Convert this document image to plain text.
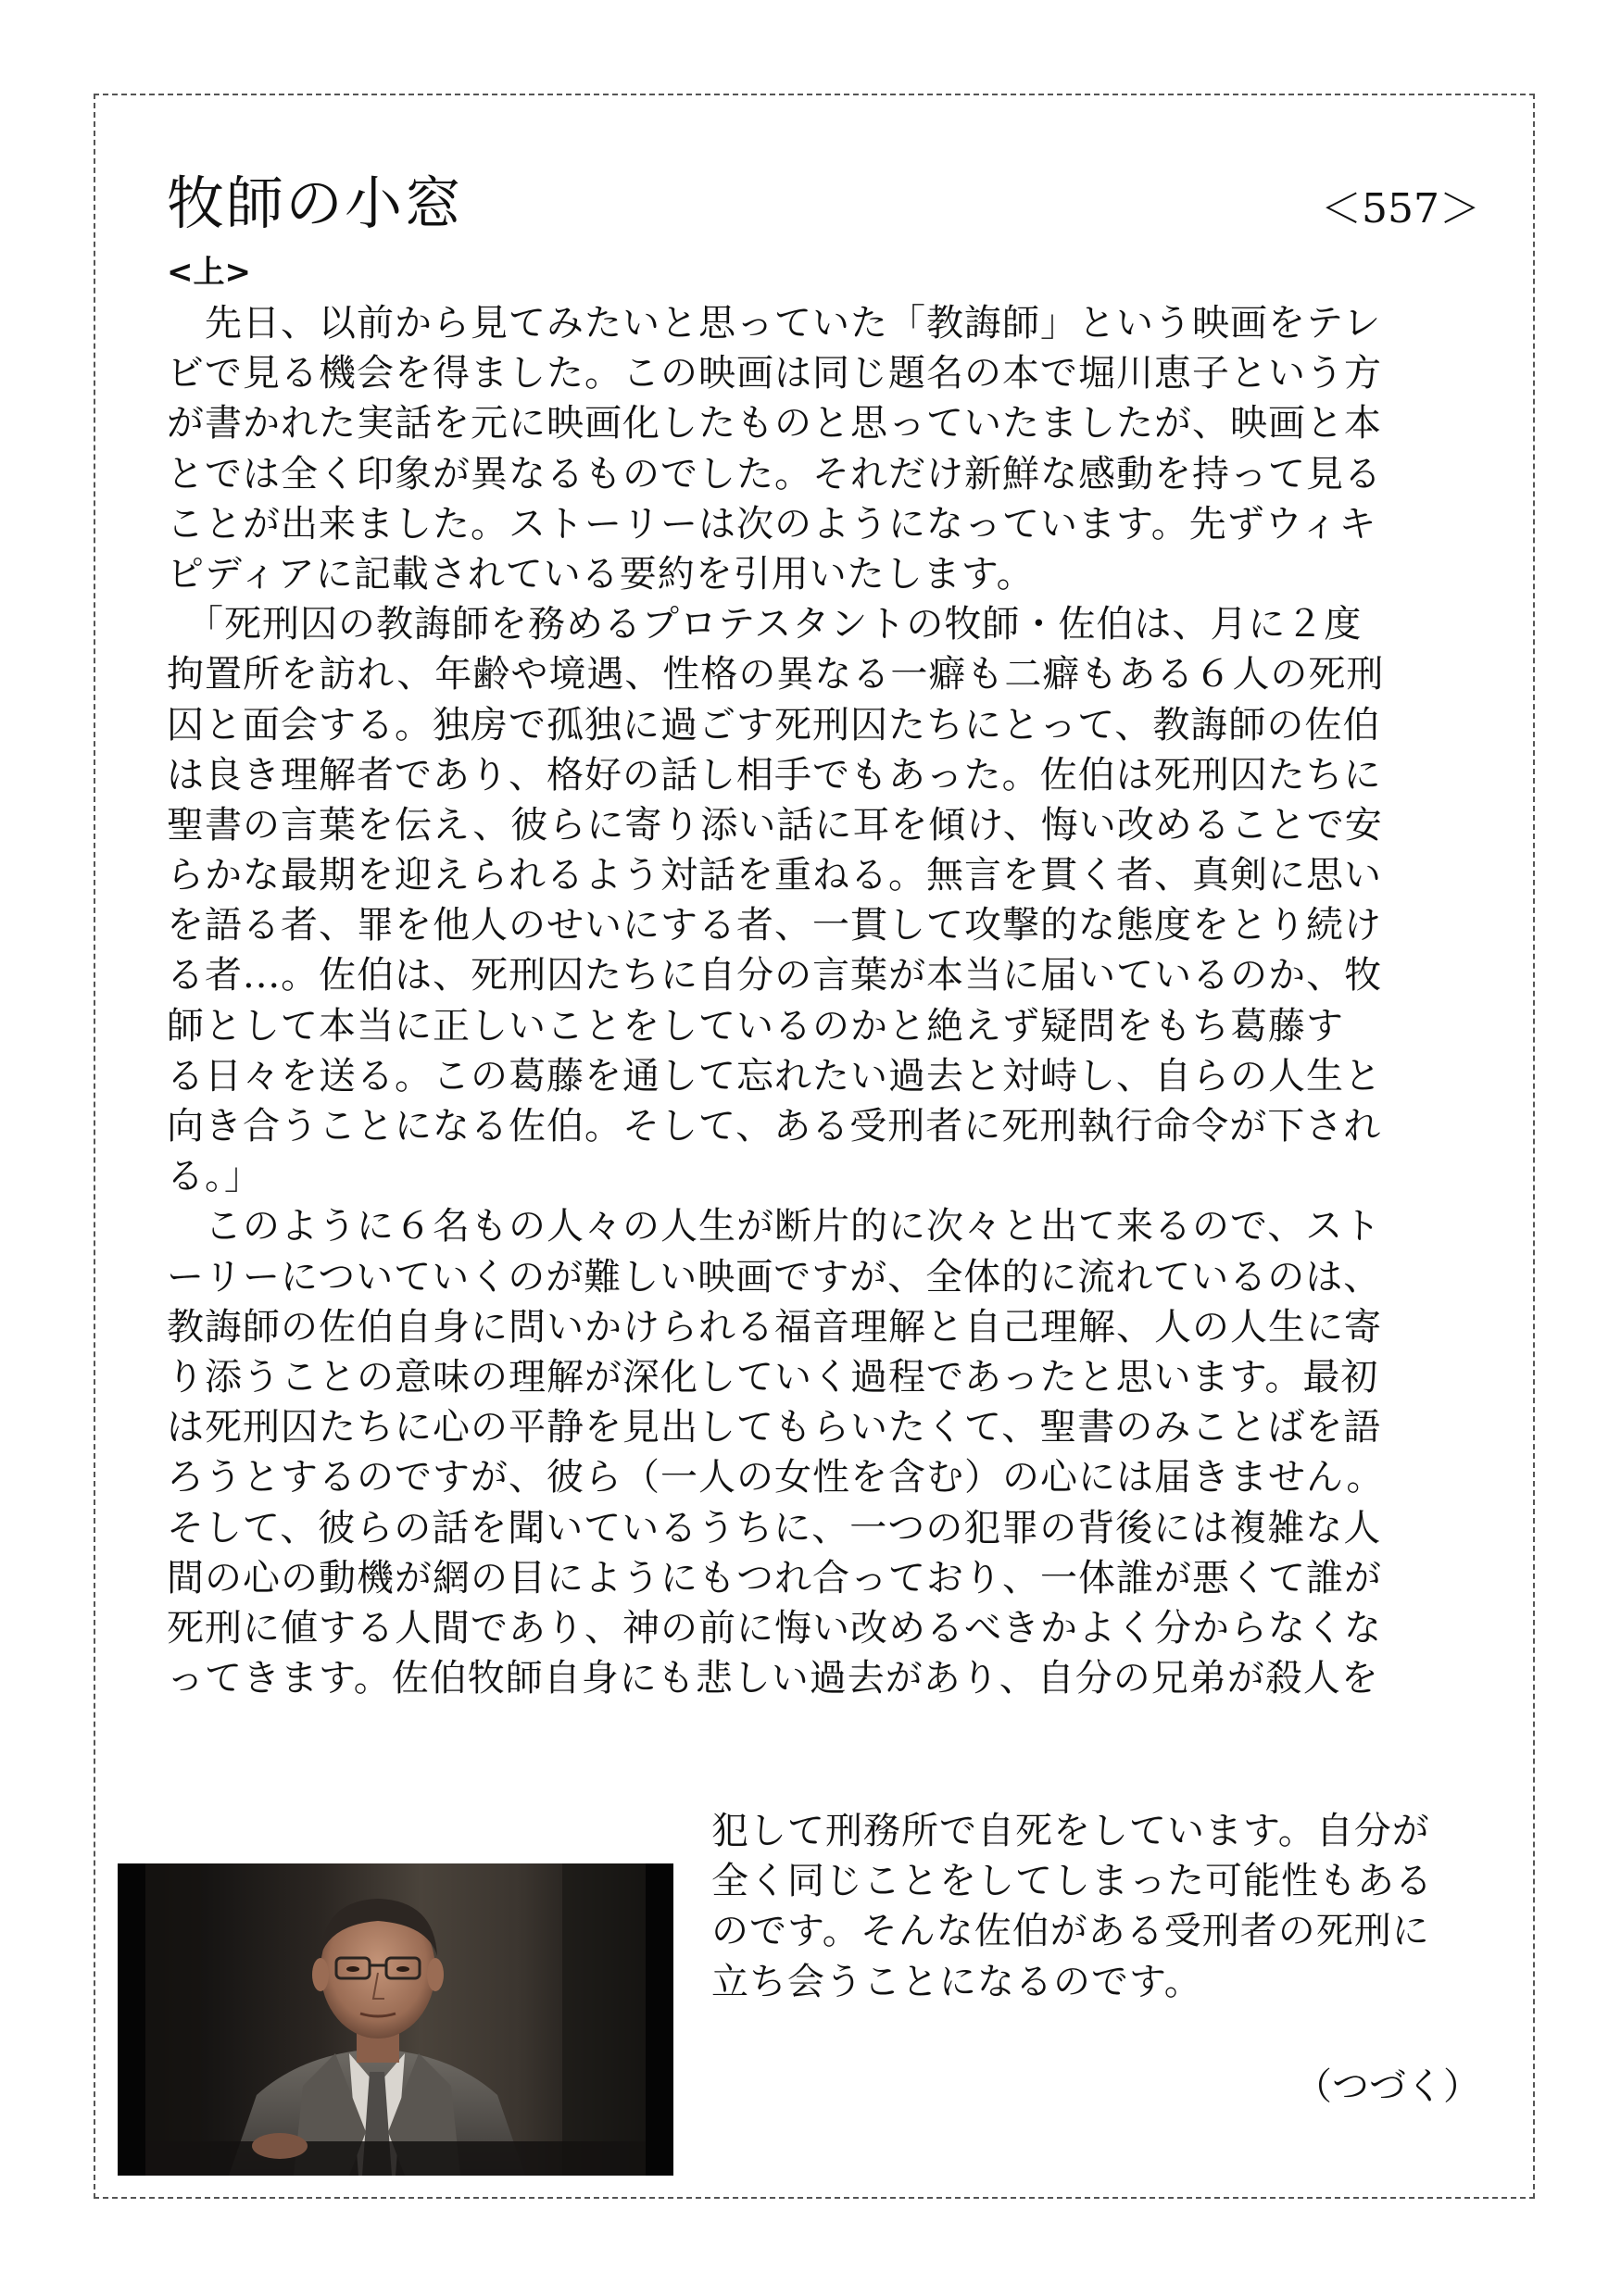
牧師の小窓	＜557＞
<上>
　先日、以前から見てみたいと思っていた「教誨師」という映画をテレ
ビで見る機会を得ました。この映画は同じ題名の本で堀川恵子という方
が書かれた実話を元に映画化したものと思っていたましたが、映画と本
とでは全く印象が異なるものでした。それだけ新鮮な感動を持って見る
ことが出来ました。ストーリーは次のようになっています。先ずウィキ
ピディアに記載されている要約を引用いたします。
　「死刑囚の教誨師を務めるプロテスタントの牧師・佐伯は、月に２度
拘置所を訪れ、年齢や境遇、性格の異なる一癖も二癖もある６人の死刑
囚と面会する。独房で孤独に過ごす死刑囚たちにとって、教誨師の佐伯
は良き理解者であり、格好の話し相手でもあった。佐伯は死刑囚たちに
聖書の言葉を伝え、彼らに寄り添い話に耳を傾け、悔い改めることで安
らかな最期を迎えられるよう対話を重ねる。無言を貫く者、真剣に思い
を語る者、罪を他人のせいにする者、一貫して攻撃的な態度をとり続け
る者...。佐伯は、死刑囚たちに自分の言葉が本当に届いているのか、牧
師として本当に正しいことをしているのかと絶えず疑問をもち葛藤す
る日々を送る。この葛藤を通して忘れたい過去と対峙し、自らの人生と
向き合うことになる佐伯。そして、ある受刑者に死刑執行命令が下され
る。」
　このように６名もの人々の人生が断片的に次々と出て来るので、スト
ーリーについていくのが難しい映画ですが、全体的に流れているのは、
教誨師の佐伯自身に問いかけられる福音理解と自己理解、人の人生に寄
り添うことの意味の理解が深化していく過程であったと思います。最初
は死刑囚たちに心の平静を見出してもらいたくて、聖書のみことばを語
ろうとするのですが、彼ら（一人の女性を含む）の心には届きません。
そして、彼らの話を聞いているうちに、一つの犯罪の背後には複雑な人
間の心の動機が網の目にようにもつれ合っており、一体誰が悪くて誰が
死刑に値する人間であり、神の前に悔い改めるべきかよく分からなくな
ってきます。佐伯牧師自身にも悲しい過去があり、自分の兄弟が殺人を
犯して刑務所で自死をしています。自分が
全く同じことをしてしまった可能性もある
のです。そんな佐伯がある受刑者の死刑に
立ち会うことになるのです。
（つづく）
